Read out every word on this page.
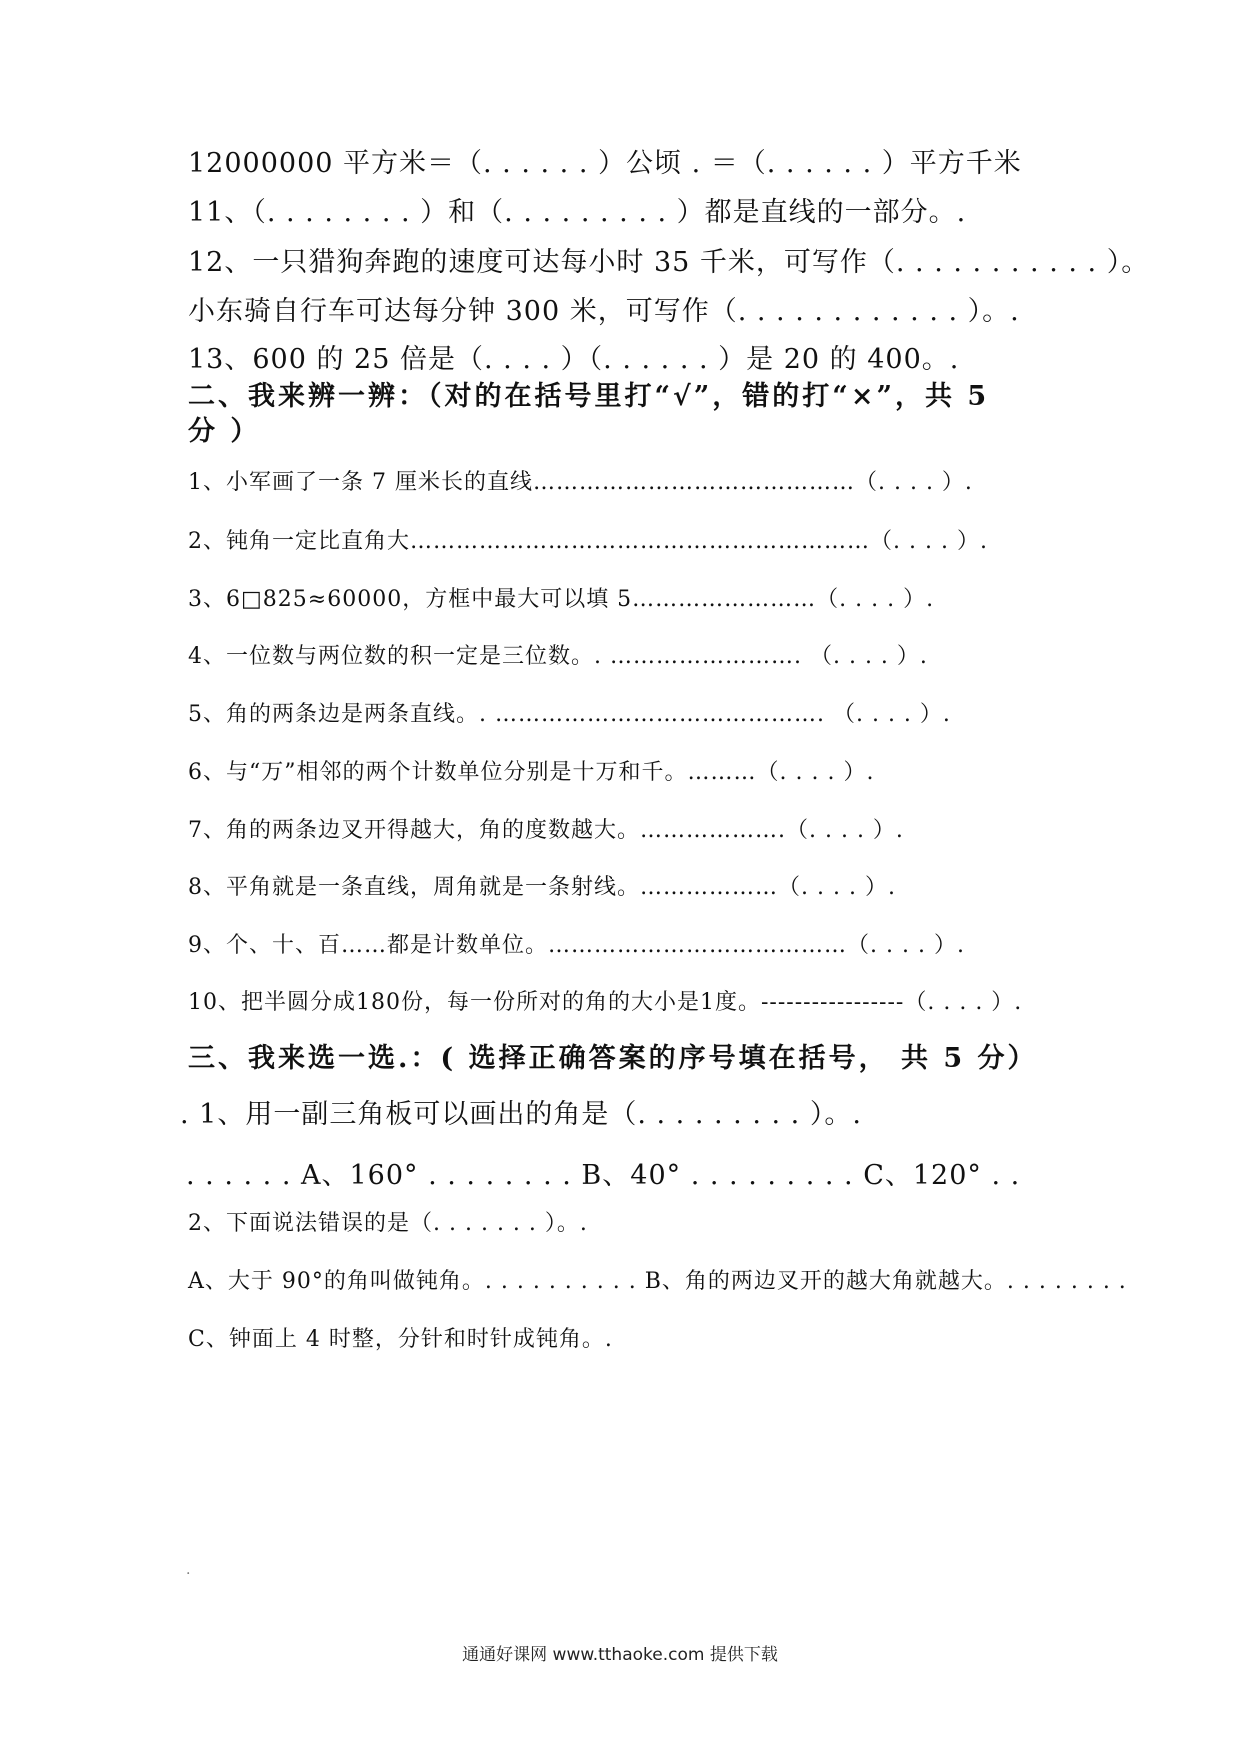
12000000 平方米＝（. . . . . . ）公顷 . ＝（. . . . . . ）平方千米
11、（. . . . . . . . ）和（. . . . . . . . . ）都是直线的一部分。.
12、一只猎狗奔跑的速度可达每小时 35 千米，可写作（. . . . . . . . . . . ）。
小东骑自行车可达每分钟 300 米，可写作（. . . . . . . . . . . . ）。.
13、600 的 25 倍是（. . . . ）（. . . . . . ）是 20 的 400。.
二、我来辨一辨：（对的在括号里打“√”，错的打“×”，共 5
分 ）
1、小军画了一条 7 厘米长的直线……………………………………（. . . . ）.
2、钝角一定比直角大……………………………………………………（. . . . ）.
3、6□825≈60000，方框中最大可以填 5……………………（. . . . ）.
4、一位数与两位数的积一定是三位数。. ……………………. （. . . . ）.
5、角的两条边是两条直线。. ……………………………………. （. . . . ）.
6、与“万”相邻的两个计数单位分别是十万和千。………（. . . . ）.
7、角的两条边叉开得越大，角的度数越大。……………….（. . . . ）.
8、平角就是一条直线，周角就是一条射线。………………（. . . . ）.
9、个、十、百……都是计数单位。…………………………………（. . . . ）.
10、把半圆分成180份，每一份所对的角的大小是1度。-----------------（. . . . ）.
三、我来选一选.：( 选择正确答案的序号填在括号， 共 5 分）
. 1、用一副三角板可以画出的角是（. . . . . . . . . ）。.
. . . . . . A、160° . . . . . . . . B、40° . . . . . . . . . C、120° . .
2、下面说法错误的是（. . . . . . . ）。.
A、大于 90°的角叫做钝角。. . . . . . . . . . B、角的两边叉开的越大角就越大。. . . . . . . .
C、钟面上 4 时整，分针和时针成钝角。.
.
通通好课网 www.tthaoke.com 提供下载
